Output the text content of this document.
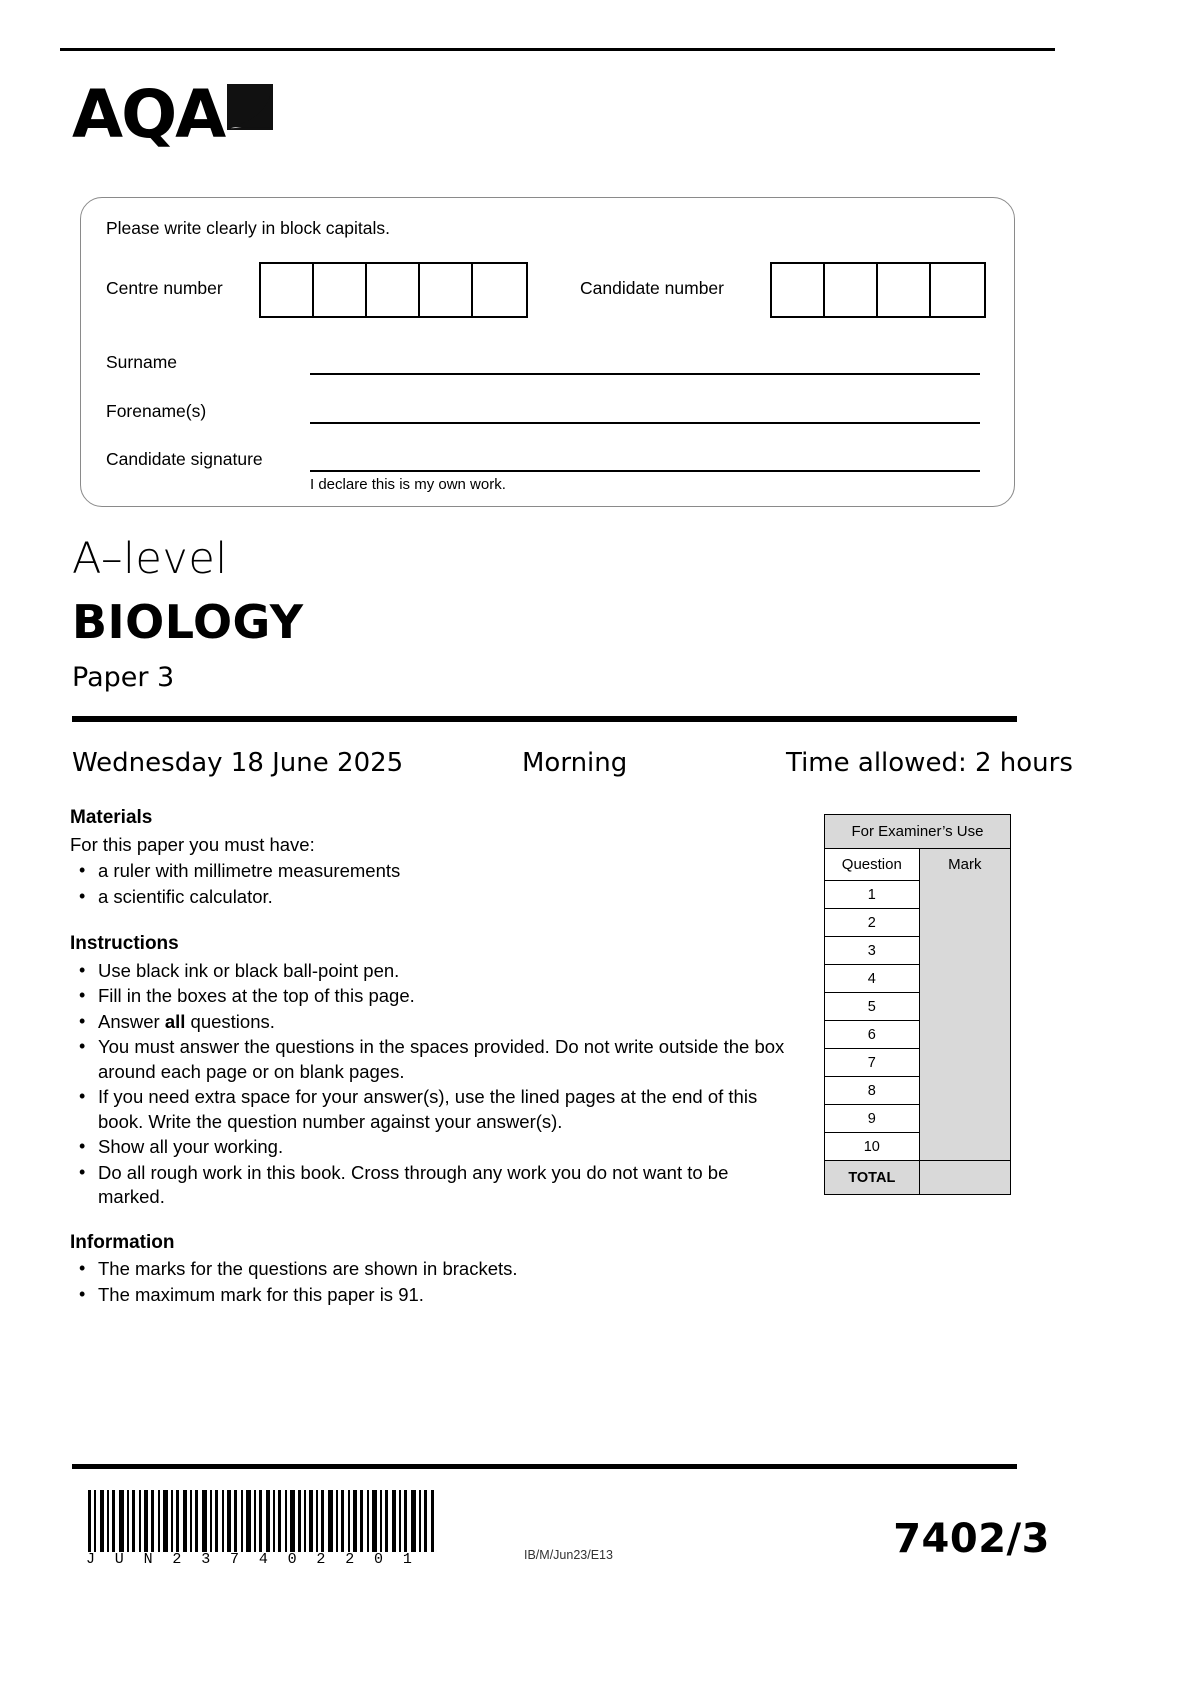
AQA
Please write clearly in block capitals.
Centre number	Candidate number
Surname
Forename(s)
Candidate signature
I declare this is my own work.
A–level
BIOLOGY
Paper 3
Wednesday 18 June 2025	Morning	Time allowed: 2 hours
Materials

For this paper you must have:

• a ruler with millimetre measurements
• a scientific calculator.
Instructions
• Use black ink or black ball-point pen.
• Fill in the boxes at the top of this page.
• Answer all questions.
• You must answer the questions in the spaces provided. Do not write outside the box around each page or on blank pages.
• If you need extra space for your answer(s), use the lined pages at the end of this book. Write the question number against your answer(s).
• Show all your working.
• Do all rough work in this book. Cross through any work you do not want to be marked.
Information
• The marks for the questions are shown in brackets.
• The maximum mark for this paper is 91.
For Examiner’s Use	
Question	Mark
1	
2	
3	
4	
5	
6	
7	
8	
9	
10	
TOTAL	
J U N 2 3 7 4 0 2 2 0 1	IB/M/Jun23/E13	7402/3
